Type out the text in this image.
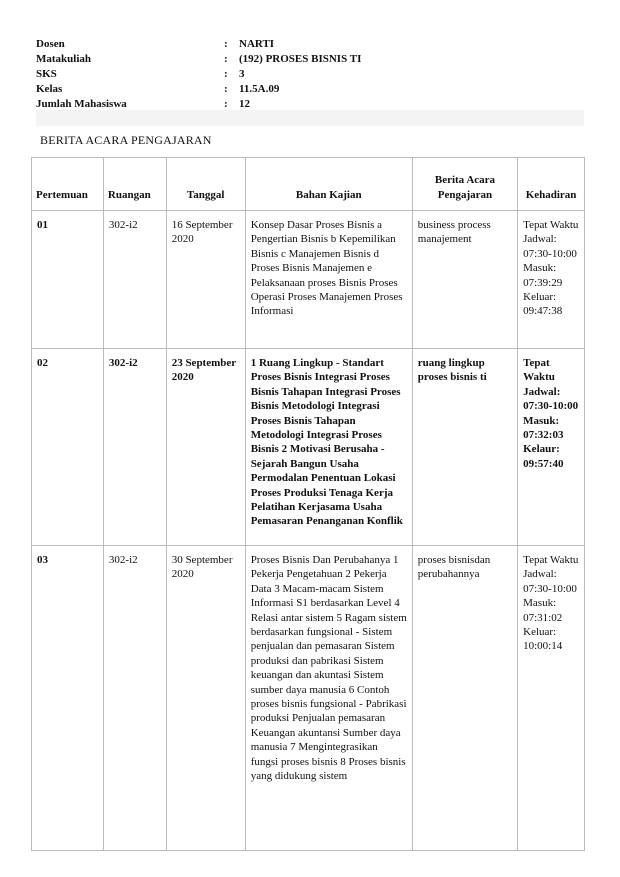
Dosen	:	NARTI
Matakuliah	:	(192) PROSES BISNIS TI
SKS	:	3
Kelas	:	11.5A.09
Jumlah Mahasiswa	:	12
BERITA ACARA PENGAJARAN
Pertemuan	Ruangan	Tanggal	Bahan Kajian	Berita Acara Pengajaran	Kehadiran
01	302-i2	16 September 2020	Konsep Dasar Proses Bisnis a Pengertian Bisnis b Kepemilikan Bisnis c Manajemen Bisnis d Proses Bisnis Manajemen e Pelaksanaan proses Bisnis Proses Operasi Proses Manajemen Proses Informasi	business process manajement	Tepat Waktu Jadwal: 07:30-10:00 Masuk: 07:39:29 Keluar: 09:47:38
02	302-i2	23 September 2020	1 Ruang Lingkup - Standart Proses Bisnis Integrasi Proses Bisnis Tahapan Integrasi Proses Bisnis Metodologi Integrasi Proses Bisnis Tahapan Metodologi Integrasi Proses Bisnis 2 Motivasi Berusaha - Sejarah Bangun Usaha Permodalan Penentuan Lokasi Proses Produksi Tenaga Kerja Pelatihan Kerjasama Usaha Pemasaran Penanganan Konflik	ruang lingkup proses bisnis ti	Tepat Waktu Jadwal: 07:30-10:00 Masuk: 07:32:03 Kelaur: 09:57:40
03	302-i2	30 September 2020	Proses Bisnis Dan Perubahanya 1 Pekerja Pengetahuan 2 Pekerja Data 3 Macam-macam Sistem Informasi S1 berdasarkan Level 4 Relasi antar sistem 5 Ragam sistem berdasarkan fungsional - Sistem penjualan dan pemasaran Sistem produksi dan pabrikasi Sistem keuangan dan akuntasi Sistem sumber daya manusia 6 Contoh proses bisnis fungsional - Pabrikasi produksi Penjualan pemasaran Keuangan akuntansi Sumber daya manusia 7 Mengintegrasikan fungsi proses bisnis 8 Proses bisnis yang didukung sistem	proses bisnisdan perubahannya	Tepat Waktu Jadwal: 07:30-10:00 Masuk: 07:31:02 Keluar: 10:00:14
